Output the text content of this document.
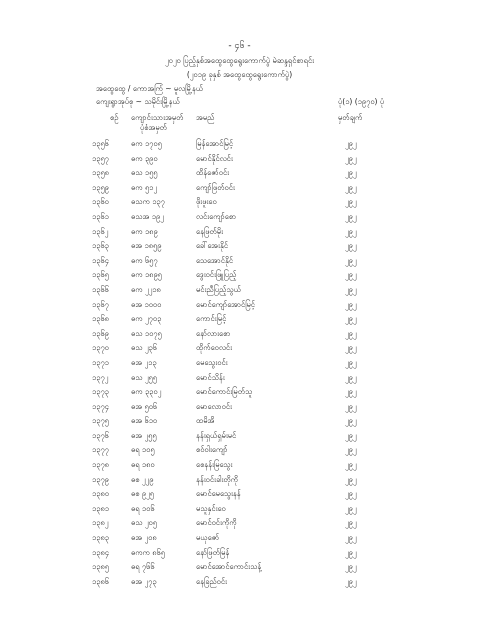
- ၄၆ -
၂၀၂၀ ပြည့်နှစ်အထွေထွေရွေးကောက်ပွဲ မဲဆန္ဒရှင်စာရင်း
(၂၀၁၉ ခုနှစ် အထွေထွေရွေးကောက်ပွဲ)
အထွေထွေ / ကောအကြံ ~ မူလမြို့နယ်
ကျေးရွာအုပ်စု ~ သမိုင်းမြို့နယ်	ပုံ(၁) (၁၉၇၀) ပုံ
စဉ် ကျောင်းသားအမှတ်
ပုံစံအမှတ်
အမည်	မှတ်ချက်
၁၃၅၆	ဓက ၁၇၀၅	မြန်အောင်မြင့်	၂၉၂
၁၃၅၇	ဓက ၃၉၀	မောင်နိုင်လင်း	၂၉၂
၁၃၅၈	ဓသ ၁၅၅	ထိန်ဇော်ဝင်း	၂၉၂
၁၃၅၉	ဓက ၅၁၂	ကျော်ဖြတ်ဝင်း	၂၉၂
၁၃၆၀	ဓသက ၁၃၇	ဖိုးဖူးဝေ	၂၉၂
၁၃၆၁	ဓသအ ၁၉၂	လင်းကျော်စော	၂၉၂
၁၃၆၂	ဓက ၁၈၉	နေဖြတ်မိုး	၂၉၂
၁၃၆၃	ဓအ ၁၈၅၉	ခေါ်အေးနိုင်	၂၉၂
၁၃၆၄	ဓက ၆၅၇	သေအောင်နိုင်	၂၉၂
၁၃၆၅	ဓက ၁၈၉၅	ဒွေးဝင်းဖြူပြည့်	၂၉၂
၁၃၆၆	ဓက ၂၂၁၈	မင်းညီပြည့်သွယ်	၂၉၂
၁၃၆၇	ဓအ ၁၀၀၀	မောင်ကျော်အောင်မြင့်	၂၉၂
၁၃၆၈	ဓက ၂၇၀၃	ကောင်းမြင့်	၂၉၂
၁၃၆၉	ဓသ ၁၀၇၅	နော်လားစော	၂၉၂
၁၃၇၀	ဓသ ၂၃၆	ထိုက်ဝေလင်း	၂၉၂
၁၃၇၁	ဓအ ၂၁၃	မေသွေးဝင်း	၂၉၂
၁၃၇၂	ဓသ ၂၅၅	မောင်သိန်း	၂၉၂
၁၃၇၃	ဓက ၃၃၀၂	မောင်ကောင်းမြတ်သူ	၂၉၂
၁၃၇၄	ဓအ ၅၀၆	မောလောဝင်း	၂၉၂
၁၃၇၅	ဓအ ၆၁၀	ထမိအိ	၂၉၂
၁၃၇၆	ဓအ ၂၅၅	နန်းရှယ်ရှမ်းမင်	၂၉၂
၁၃၇၇	ဓရ ၁၀၅	စဝ်ဝါးကျော်	၂၉၂
၁၃၇၈	ဓရ ၁၈၀	စေနန်းမြသွေး	၂၉၂
၁၃၇၉	ဓစ ၂၂၉	နန်းဝင်းခါးတိုကို	၂၉၂
၁၃၈၀	ဓစ ၉၂၅	မောင်မေသွေးနန်	၂၉၂
၁၃၈၁	ဓရ ၁၀၆	မသူနှင်းဝေ	၂၉၂
၁၃၈၂	ဓသ ၂၀၅	မောင်ဝင်းကိုကို	၂၉၂
၁၃၈၃	ဓအ ၂၀၈	မယုဇော်	၂၉၂
၁၃၈၄	ဓကက ၈၆၅	နော်ဖြတ်မြန်	၂၉၂
၁၃၈၅	ဓရ ၇၆၆	မောင်အောင်ကောင်းသန့်	၂၉၂
၁၃၈၆	ဓအ ၂၇၃	နေခြည်ဝင်း	၂၉၂
